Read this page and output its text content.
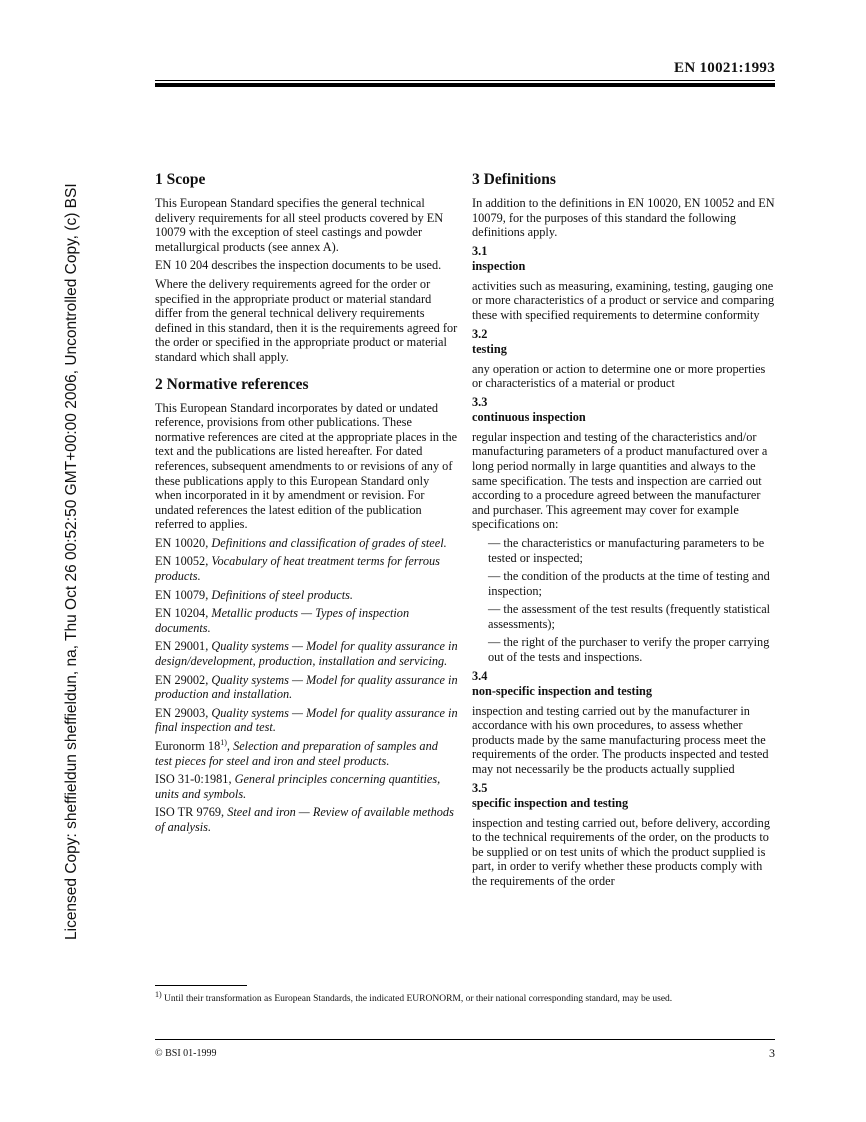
EN 10021:1993
Licensed Copy: sheffieldun sheffieldun, na, Thu Oct 26 00:52:50 GMT+00:00 2006, Uncontrolled Copy, (c) BSI
1 Scope

This European Standard specifies the general technical delivery requirements for all steel products covered by EN 10079 with the exception of steel castings and powder metallurgical products (see annex A).

EN 10 204 describes the inspection documents to be used.

Where the delivery requirements agreed for the order or specified in the appropriate product or material standard differ from the general technical delivery requirements defined in this standard, then it is the requirements agreed for the order or specified in the appropriate product or material standard which shall apply.

2 Normative references

This European Standard incorporates by dated or undated reference, provisions from other publications. These normative references are cited at the appropriate places in the text and the publications are listed hereafter. For dated references, subsequent amendments to or revisions of any of these publications apply to this European Standard only when incorporated in it by amendment or revision. For undated references the latest edition of the publication referred to applies.

EN 10020, Definitions and classification of grades of steel.

EN 10052, Vocabulary of heat treatment terms for ferrous products.

EN 10079, Definitions of steel products.

EN 10204, Metallic products — Types of inspection documents.

EN 29001, Quality systems — Model for quality assurance in design/development, production, installation and servicing.

EN 29002, Quality systems — Model for quality assurance in production and installation.

EN 29003, Quality systems — Model for quality assurance in final inspection and test.

Euronorm 18$^{1)}$, Selection and preparation of samples and test pieces for steel and iron and steel products.

ISO 31-0:1981, General principles concerning quantities, units and symbols.

ISO TR 9769, Steel and iron — Review of available methods of analysis.

3 Definitions

In addition to the definitions in EN 10020, EN 10052 and EN 10079, for the purposes of this standard the following definitions apply.

3.1
inspection

activities such as measuring, examining, testing, gauging one or more characteristics of a product or service and comparing these with specified requirements to determine conformity

3.2
testing

any operation or action to determine one or more properties or characteristics of a material or product

3.3
continuous inspection

regular inspection and testing of the characteristics and/or manufacturing parameters of a product manufactured over a long period normally in large quantities and always to the same specification. The tests and inspection are carried out according to a procedure agreed between the manufacturer and purchaser. This agreement may cover for example specifications on:

— the characteristics or manufacturing parameters to be tested or inspected;
— the condition of the products at the time of testing and inspection;
— the assessment of the test results (frequently statistical assessments);
— the right of the purchaser to verify the proper carrying out of the tests and inspections.
3.4
non-specific inspection and testing

inspection and testing carried out by the manufacturer in accordance with his own procedures, to assess whether products made by the same manufacturing process meet the requirements of the order. The products inspected and tested may not necessarily be the products actually supplied

3.5
specific inspection and testing

inspection and testing carried out, before delivery, according to the technical requirements of the order, on the products to be supplied or on test units of which the product supplied is part, in order to verify whether these products comply with the requirements of the order

$^{1)}$ Until their transformation as European Standards, the indicated EURONORM, or their national corresponding standard, may be used.
© BSI 01-1999	3
